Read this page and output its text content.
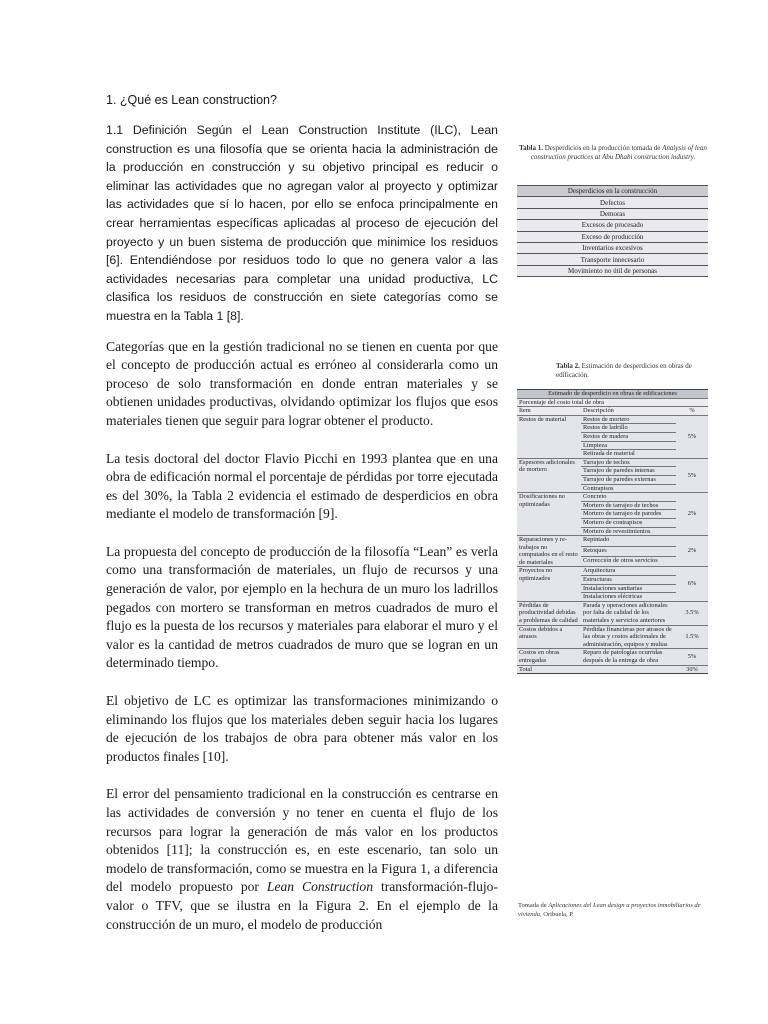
1. ¿Qué es Lean construction?

1.1 Definición Según el Lean Construction Institute (ILC), Lean construction es una filosofía que se orienta hacia la administración de la producción en construcción y su objetivo principal es reducir o eliminar las actividades que no agregan valor al proyecto y optimizar las actividades que sí lo hacen, por ello se enfoca principalmente en crear herramientas específicas aplicadas al proceso de ejecución del proyecto y un buen sistema de producción que minimice los residuos [6]. Entendiéndose por residuos todo lo que no genera valor a las actividades necesarias para completar una unidad productiva, LC clasifica los residuos de construcción en siete categorías como se muestra en la Tabla 1 [8].

Categorías que en la gestión tradicional no se tienen en cuenta por que el concepto de producción actual es erróneo al considerarla como un proceso de solo transformación en donde entran materiales y se obtienen unidades productivas, olvidando optimizar los flujos que esos materiales tienen que seguir para lograr obtener el producto.

La tesis doctoral del doctor Flavio Picchi en 1993 plantea que en una obra de edificación normal el porcentaje de pérdidas por torre ejecutada es del 30%, la Tabla 2 evidencia el estimado de desperdicios en obra mediante el modelo de transformación [9].

La propuesta del concepto de producción de la filosofía “Lean” es verla como una transformación de materiales, un flujo de recursos y una generación de valor, por ejemplo en la hechura de un muro los ladrillos pegados con mortero se transforman en metros cuadrados de muro el flujo es la puesta de los recursos y materiales para elaborar el muro y el valor es la cantidad de metros cuadrados de muro que se logran en un determinado tiempo.

El objetivo de LC es optimizar las transformaciones minimizando o eliminando los flujos que los materiales deben seguir hacia los lugares de ejecución de los trabajos de obra para obtener más valor en los productos finales [10].

El error del pensamiento tradicional en la construcción es centrarse en las actividades de conversión y no tener en cuenta el flujo de los recursos para lograr la generación de más valor en los productos obtenidos [11]; la construcción es, en este escenario, tan solo un modelo de transformación, como se muestra en la Figura 1, a diferencia del modelo propuesto por Lean Construction transformación-flujo-valor o TFV, que se ilustra en la Figura 2. En el ejemplo de la construcción de un muro, el modelo de producción

Tabla 1. Desperdicios en la producción tomada de Analysis of lean construction practices at Abu Dhabi construction industry.
Desperdicios en la construcción
Defectos
Demoras
Excesos de procesado
Exceso de producción
Inventarios excesivos
Transporte innecesario
Movimiento no útil de personas
Tabla 2. Estimación de desperdicios en obras de edificación.
Estimado de desperdicio en obras de edificaciones		
Porcentaje del costo total de obra		
Ítem	Descripción	%
Restos de material	Restos de mortero	5%
	Restos de ladrillo	
	Restos de madera	
	Limpieza	
	Retirada de material	
Espesores adicionales de mortero	Tarrajeo de techos	5%
	Tarrajeo de paredes internas	
	Tarrajeo de paredes externas	
	Contrapisos	
Dosificaciones no optimizadas	Concreto	2%
	Mortero de tarrajeo de techos	
	Mortero de tarrajeo de paredes	
	Mortero de contrapisos	
	Mortero de revestimientos	
Reparaciones y re-trabajos no computados en el resto de materiales	Repintado	2%
	Retoques	
	Corrección de otros servicios	
Proyectos no optimizados	Arquitectura	6%
	Estructuras	
	Instalaciones sanitarias	
	Instalaciones eléctricas	
Pérdidas de productividad debidas a problemas de calidad	Parada y operaciones adicionales por falta de calidad de los materiales y servicios anteriores	3.5%
Costos debidos a atrasos	Pérdidas financieras por atrasos de las obras y costos adicionales de administración, equipos y multas	1.5%
Costos en obras entregadas	Reparo de patologías ocurridas después de la entrega de obra	5%
Total		30%
Tomada de Aplicaciones del Lean design a proyectos inmobiliarios de vivienda, Oribuela, P.
